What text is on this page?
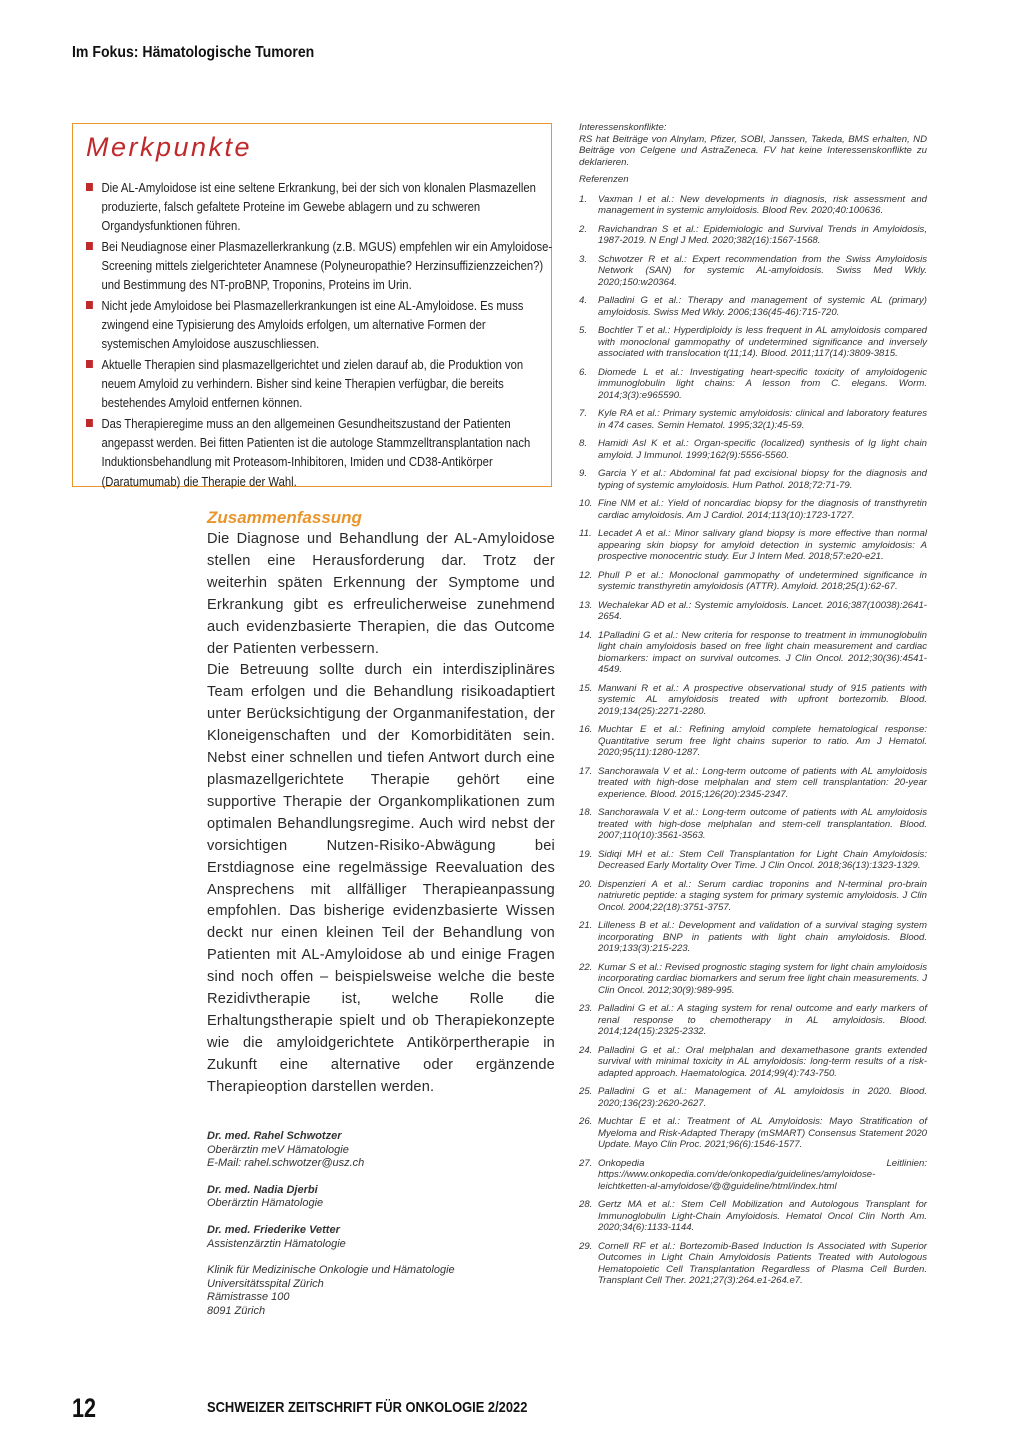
Im Fokus: Hämatologische Tumoren
Merkpunkte
Die AL-Amyloidose ist eine seltene Erkrankung, bei der sich von klonalen Plasmazellen produzierte, falsch gefaltete Proteine im Gewebe ablagern und zu schweren Organdysfunktionen führen.
Bei Neudiagnose einer Plasmazellerkrankung (z.B. MGUS) empfehlen wir ein Amyloidose-Screening mittels zielgerichteter Anamnese (Polyneuropathie? Herzinsuffizienzzeichen?) und Bestimmung des NT-proBNP, Troponins, Proteins im Urin.
Nicht jede Amyloidose bei Plasmazellerkrankungen ist eine AL-Amyloidose. Es muss zwingend eine Typisierung des Amyloids erfolgen, um alternative Formen der systemischen Amyloidose auszuschliessen.
Aktuelle Therapien sind plasmazellgerichtet und zielen darauf ab, die Produktion von neuem Amyloid zu verhindern. Bisher sind keine Therapien verfügbar, die bereits bestehendes Amyloid entfernen können.
Das Therapieregime muss an den allgemeinen Gesundheitszustand der Patienten angepasst werden. Bei fitten Patienten ist die autologe Stammzelltransplantation nach Induktionsbehandlung mit Proteasom-Inhibitoren, Imiden und CD38-Antikörper (Daratumumab) die Therapie der Wahl.
Zusammenfassung

Die Diagnose und Behandlung der AL-Amyloidose stellen eine Herausforderung dar. Trotz der weiterhin späten Erkennung der Symptome und Erkrankung gibt es erfreulicherweise zunehmend auch evidenzbasierte Therapien, die das Outcome der Patienten verbessern.

Die Betreuung sollte durch ein interdisziplinäres Team erfolgen und die Behandlung risikoadaptiert unter Berücksichtigung der Organmanifestation, der Kloneigenschaften und der Komorbiditäten sein. Nebst einer schnellen und tiefen Antwort durch eine plasmazellgerichtete Therapie gehört eine supportive Therapie der Organkomplikationen zum optimalen Behandlungsregime. Auch wird nebst der vorsichtigen Nutzen-Risiko-Abwägung bei Erstdiagnose eine regelmässige Reevaluation des Ansprechens mit allfälliger Therapieanpassung empfohlen. Das bisherige evidenzbasierte Wissen deckt nur einen kleinen Teil der Behandlung von Patienten mit AL-Amyloidose ab und einige Fragen sind noch offen – beispielsweise welche die beste Rezidivtherapie ist, welche Rolle die Erhaltungstherapie spielt und ob Therapiekonzepte wie die amyloidgerichtete Antikörpertherapie in Zukunft eine alternative oder ergänzende Therapieoption darstellen werden.

Dr. med. Rahel Schwotzer
Oberärztin meV Hämatologie
E-Mail: rahel.schwotzer@usz.ch
Dr. med. Nadia Djerbi
Oberärztin Hämatologie
Dr. med. Friederike Vetter
Assistenzärztin Hämatologie
Klinik für Medizinische Onkologie und Hämatologie
Universitätsspital Zürich
Rämistrasse 100
8091 Zürich
Interessenskonflikte:
RS hat Beiträge von Alnylam, Pfizer, SOBI, Janssen, Takeda, BMS erhalten, ND Beiträge von Celgene und AstraZeneca. FV hat keine Interessenskonflikte zu deklarieren.
Referenzen
1. Vaxman I et al.: New developments in diagnosis, risk assessment and management in systemic amyloidosis. Blood Rev. 2020;40:100636.
2. Ravichandran S et al.: Epidemiologic and Survival Trends in Amyloidosis, 1987-2019. N Engl J Med. 2020;382(16):1567-1568.
3. Schwotzer R et al.: Expert recommendation from the Swiss Amyloidosis Network (SAN) for systemic AL-amyloidosis. Swiss Med Wkly. 2020;150:w20364.
4. Palladini G et al.: Therapy and management of systemic AL (primary) amyloidosis. Swiss Med Wkly. 2006;136(45-46):715-720.
5. Bochtler T et al.: Hyperdiploidy is less frequent in AL amyloidosis compared with monoclonal gammopathy of undetermined significance and inversely associated with translocation t(11;14). Blood. 2011;117(14):3809-3815.
6. Diomede L et al.: Investigating heart-specific toxicity of amyloidogenic immunoglobulin light chains: A lesson from C. elegans. Worm. 2014;3(3):e965590.
7. Kyle RA et al.: Primary systemic amyloidosis: clinical and laboratory features in 474 cases. Semin Hematol. 1995;32(1):45-59.
8. Hamidi Asl K et al.: Organ-specific (localized) synthesis of Ig light chain amyloid. J Immunol. 1999;162(9):5556-5560.
9. Garcia Y et al.: Abdominal fat pad excisional biopsy for the diagnosis and typing of systemic amyloidosis. Hum Pathol. 2018;72:71-79.
10. Fine NM et al.: Yield of noncardiac biopsy for the diagnosis of transthyretin cardiac amyloidosis. Am J Cardiol. 2014;113(10):1723-1727.
11. Lecadet A et al.: Minor salivary gland biopsy is more effective than normal appearing skin biopsy for amyloid detection in systemic amyloidosis: A prospective monocentric study. Eur J Intern Med. 2018;57:e20-e21.
12. Phull P et al.: Monoclonal gammopathy of undetermined significance in systemic transthyretin amyloidosis (ATTR). Amyloid. 2018;25(1):62-67.
13. Wechalekar AD et al.: Systemic amyloidosis. Lancet. 2016;387(10038):2641-2654.
14. 1Palladini G et al.: New criteria for response to treatment in immunoglobulin light chain amyloidosis based on free light chain measurement and cardiac biomarkers: impact on survival outcomes. J Clin Oncol. 2012;30(36):4541-4549.
15. Manwani R et al.: A prospective observational study of 915 patients with systemic AL amyloidosis treated with upfront bortezomib. Blood. 2019;134(25):2271-2280.
16. Muchtar E et al.: Refining amyloid complete hematological response: Quantitative serum free light chains superior to ratio. Am J Hematol. 2020;95(11):1280-1287.
17. Sanchorawala V et al.: Long-term outcome of patients with AL amyloidosis treated with high-dose melphalan and stem cell transplantation: 20-year experience. Blood. 2015;126(20):2345-2347.
18. Sanchorawala V et al.: Long-term outcome of patients with AL amyloidosis treated with high-dose melphalan and stem-cell transplantation. Blood. 2007;110(10):3561-3563.
19. Sidiqi MH et al.: Stem Cell Transplantation for Light Chain Amyloidosis: Decreased Early Mortality Over Time. J Clin Oncol. 2018;36(13):1323-1329.
20. Dispenzieri A et al.: Serum cardiac troponins and N-terminal pro-brain natriuretic peptide: a staging system for primary systemic amyloidosis. J Clin Oncol. 2004;22(18):3751-3757.
21. Lilleness B et al.: Development and validation of a survival staging system incorporating BNP in patients with light chain amyloidosis. Blood. 2019;133(3):215-223.
22. Kumar S et al.: Revised prognostic staging system for light chain amyloidosis incorporating cardiac biomarkers and serum free light chain measurements. J Clin Oncol. 2012;30(9):989-995.
23. Palladini G et al.: A staging system for renal outcome and early markers of renal response to chemotherapy in AL amyloidosis. Blood. 2014;124(15):2325-2332.
24. Palladini G et al.: Oral melphalan and dexamethasone grants extended survival with minimal toxicity in AL amyloidosis: long-term results of a risk-adapted approach. Haematologica. 2014;99(4):743-750.
25. Palladini G et al.: Management of AL amyloidosis in 2020. Blood. 2020;136(23):2620-2627.
26. Muchtar E et al.: Treatment of AL Amyloidosis: Mayo Stratification of Myeloma and Risk-Adapted Therapy (mSMART) Consensus Statement 2020 Update. Mayo Clin Proc. 2021;96(6):1546-1577.
27. Onkopedia Leitlinien: https://www.onkopedia.com/de/onkopedia/guidelines/amyloidose-leichtketten-al-amyloidose/@@guideline/html/index.html
28. Gertz MA et al.: Stem Cell Mobilization and Autologous Transplant for Immunoglobulin Light-Chain Amyloidosis. Hematol Oncol Clin North Am. 2020;34(6):1133-1144.
29. Cornell RF et al.: Bortezomib-Based Induction Is Associated with Superior Outcomes in Light Chain Amyloidosis Patients Treated with Autologous Hematopoietic Cell Transplantation Regardless of Plasma Cell Burden. Transplant Cell Ther. 2021;27(3):264.e1-264.e7.
12	SCHWEIZER ZEITSCHRIFT FÜR ONKOLOGIE 2/2022
